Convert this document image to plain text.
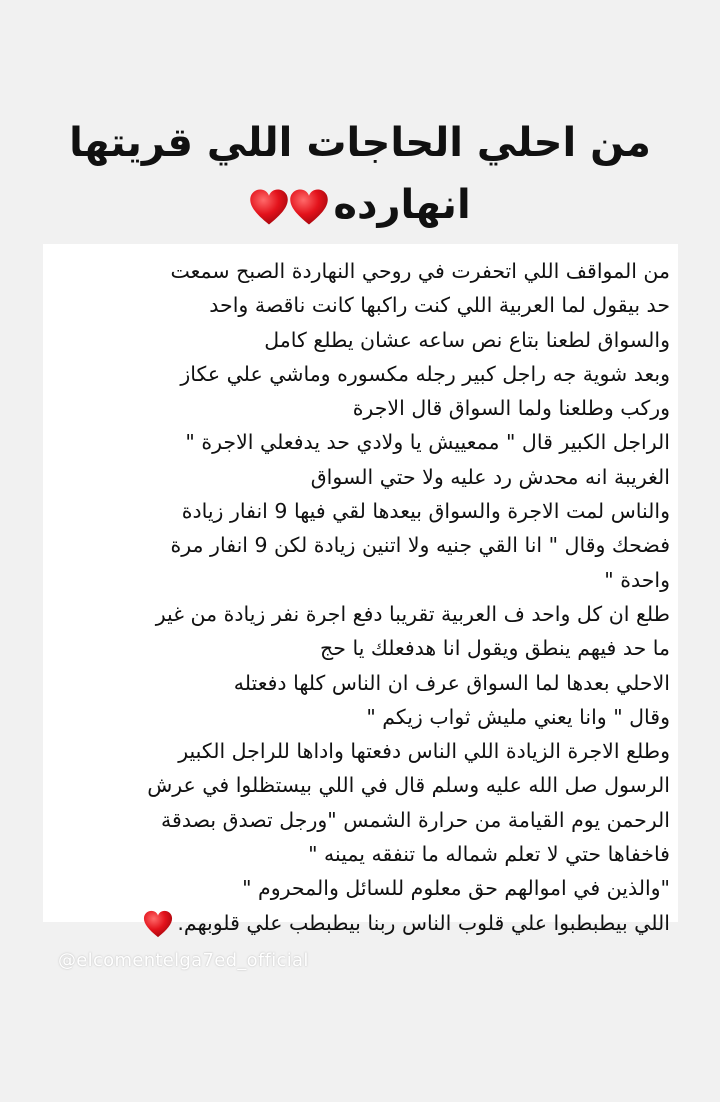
من احلي الحاجات اللي قريتها
انهارده
من المواقف اللي اتحفرت في روحي النهاردة الصبح سمعت
حد بيقول لما العربية اللي كنت راكبها كانت ناقصة واحد
والسواق لطعنا بتاع نص ساعه عشان يطلع كامل
وبعد شوية جه راجل كبير رجله مكسوره وماشي علي عكاز
وركب وطلعنا ولما السواق قال الاجرة
الراجل الكبير قال " ممعييش يا ولادي حد يدفعلي الاجرة "
الغريبة انه محدش رد عليه ولا حتي السواق
والناس لمت الاجرة والسواق بيعدها لقي فيها 9 انفار زيادة
فضحك وقال " انا القي جنيه ولا اتنين زيادة لكن 9 انفار مرة
واحدة "
طلع ان كل واحد ف العربية تقريبا دفع اجرة نفر زيادة من غير
ما حد فيهم ينطق ويقول انا هدفعلك يا حج
الاحلي بعدها لما السواق عرف ان الناس كلها دفعتله
وقال " وانا يعني مليش ثواب زيكم "
وطلع الاجرة الزيادة اللي الناس دفعتها واداها للراجل الكبير
الرسول صل الله عليه وسلم قال في اللي بيستظلوا في عرش
الرحمن يوم القيامة من حرارة الشمس "ورجل تصدق بصدقة
فاخفاها حتي لا تعلم شماله ما تنفقه يمينه "
"والذين في اموالهم حق معلوم للسائل والمحروم "
اللي بيطبطبوا علي قلوب الناس ربنا بيطبطب علي قلوبهم.
@elcomentelga7ed_official
